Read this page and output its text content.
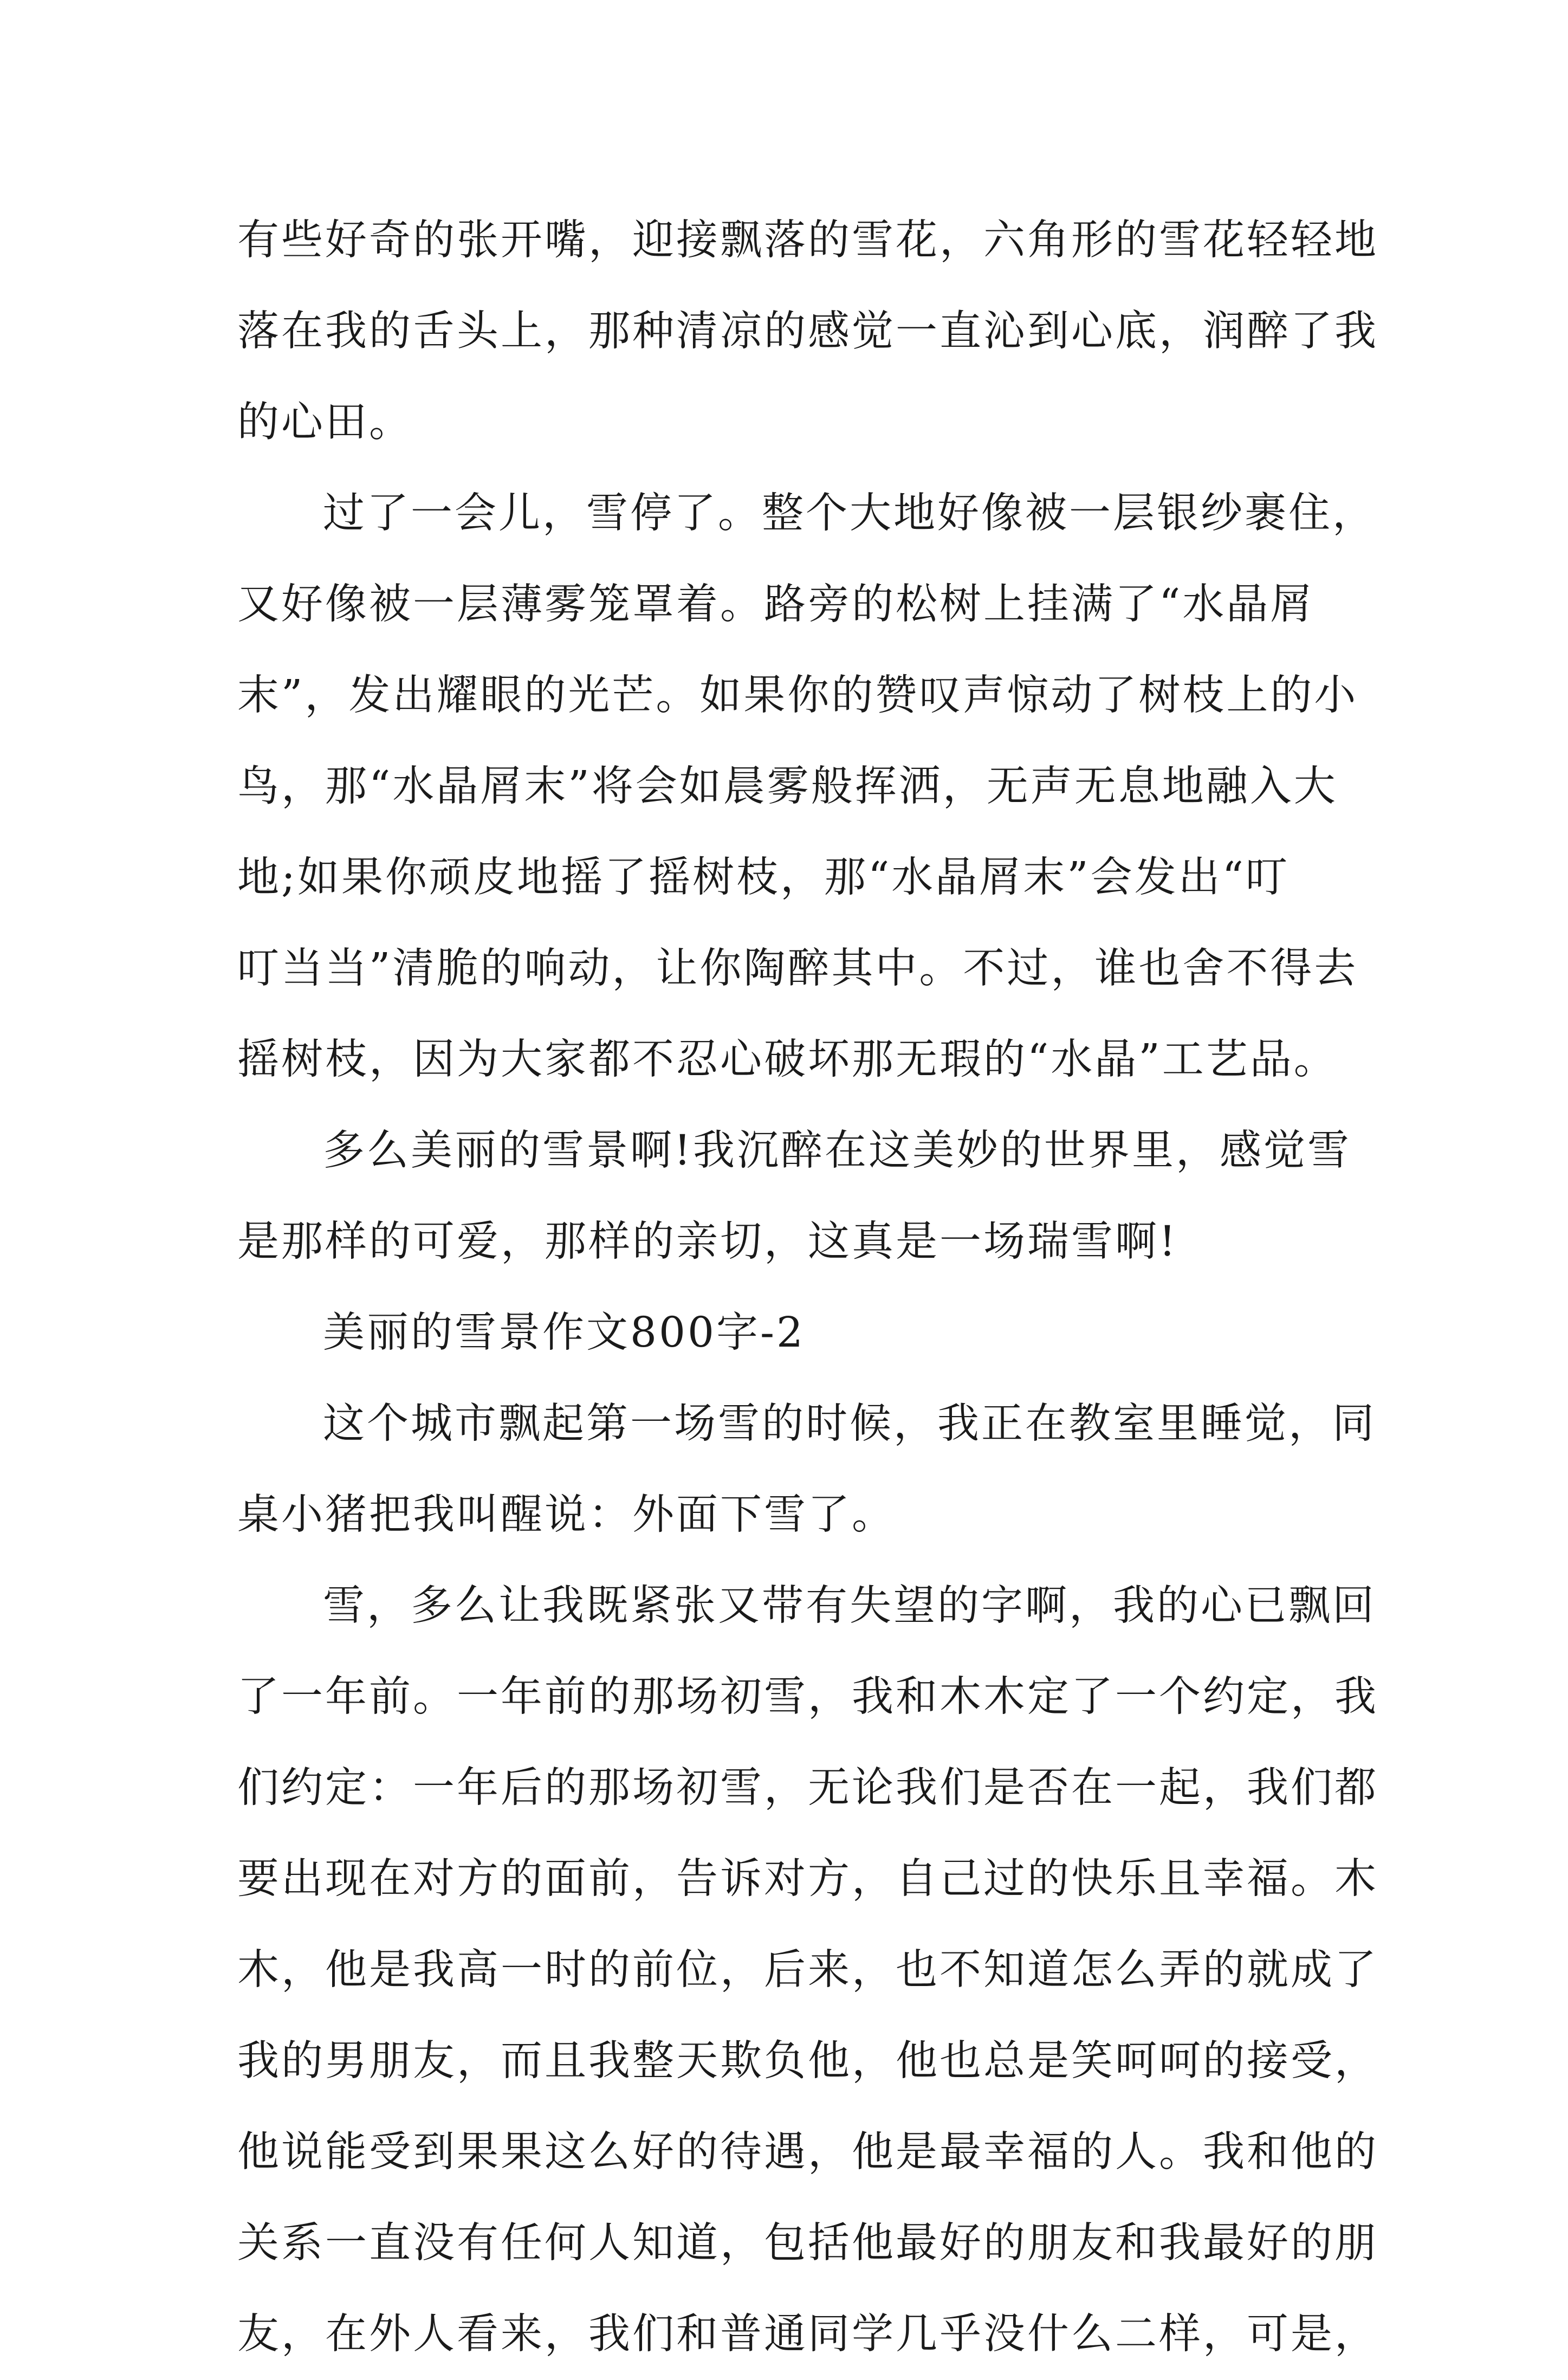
有些好奇的张开嘴，迎接飘落的雪花，六角形的雪花轻轻地
落在我的舌头上，那种清凉的感觉一直沁到心底，润醉了我
的心田。
过了一会儿，雪停了。整个大地好像被一层银纱裹住，
又好像被一层薄雾笼罩着。路旁的松树上挂满了“水晶屑
末”，发出耀眼的光芒。如果你的赞叹声惊动了树枝上的小
鸟，那“水晶屑末”将会如晨雾般挥洒，无声无息地融入大
地;如果你顽皮地摇了摇树枝，那“水晶屑末”会发出“叮
叮当当”清脆的响动，让你陶醉其中。不过，谁也舍不得去
摇树枝，因为大家都不忍心破坏那无瑕的“水晶”工艺品。
多么美丽的雪景啊!我沉醉在这美妙的世界里，感觉雪
是那样的可爱，那样的亲切，这真是一场瑞雪啊!
美丽的雪景作文800字-2
这个城市飘起第一场雪的时候，我正在教室里睡觉，同
桌小猪把我叫醒说：外面下雪了。
雪，多么让我既紧张又带有失望的字啊，我的心已飘回
了一年前。一年前的那场初雪，我和木木定了一个约定，我
们约定：一年后的那场初雪，无论我们是否在一起，我们都
要出现在对方的面前，告诉对方，自己过的快乐且幸福。木
木，他是我高一时的前位，后来，也不知道怎么弄的就成了
我的男朋友，而且我整天欺负他，他也总是笑呵呵的接受，
他说能受到果果这么好的待遇，他是最幸福的人。我和他的
关系一直没有任何人知道，包括他最好的朋友和我最好的朋
友，在外人看来，我们和普通同学几乎没什么二样，可是，
